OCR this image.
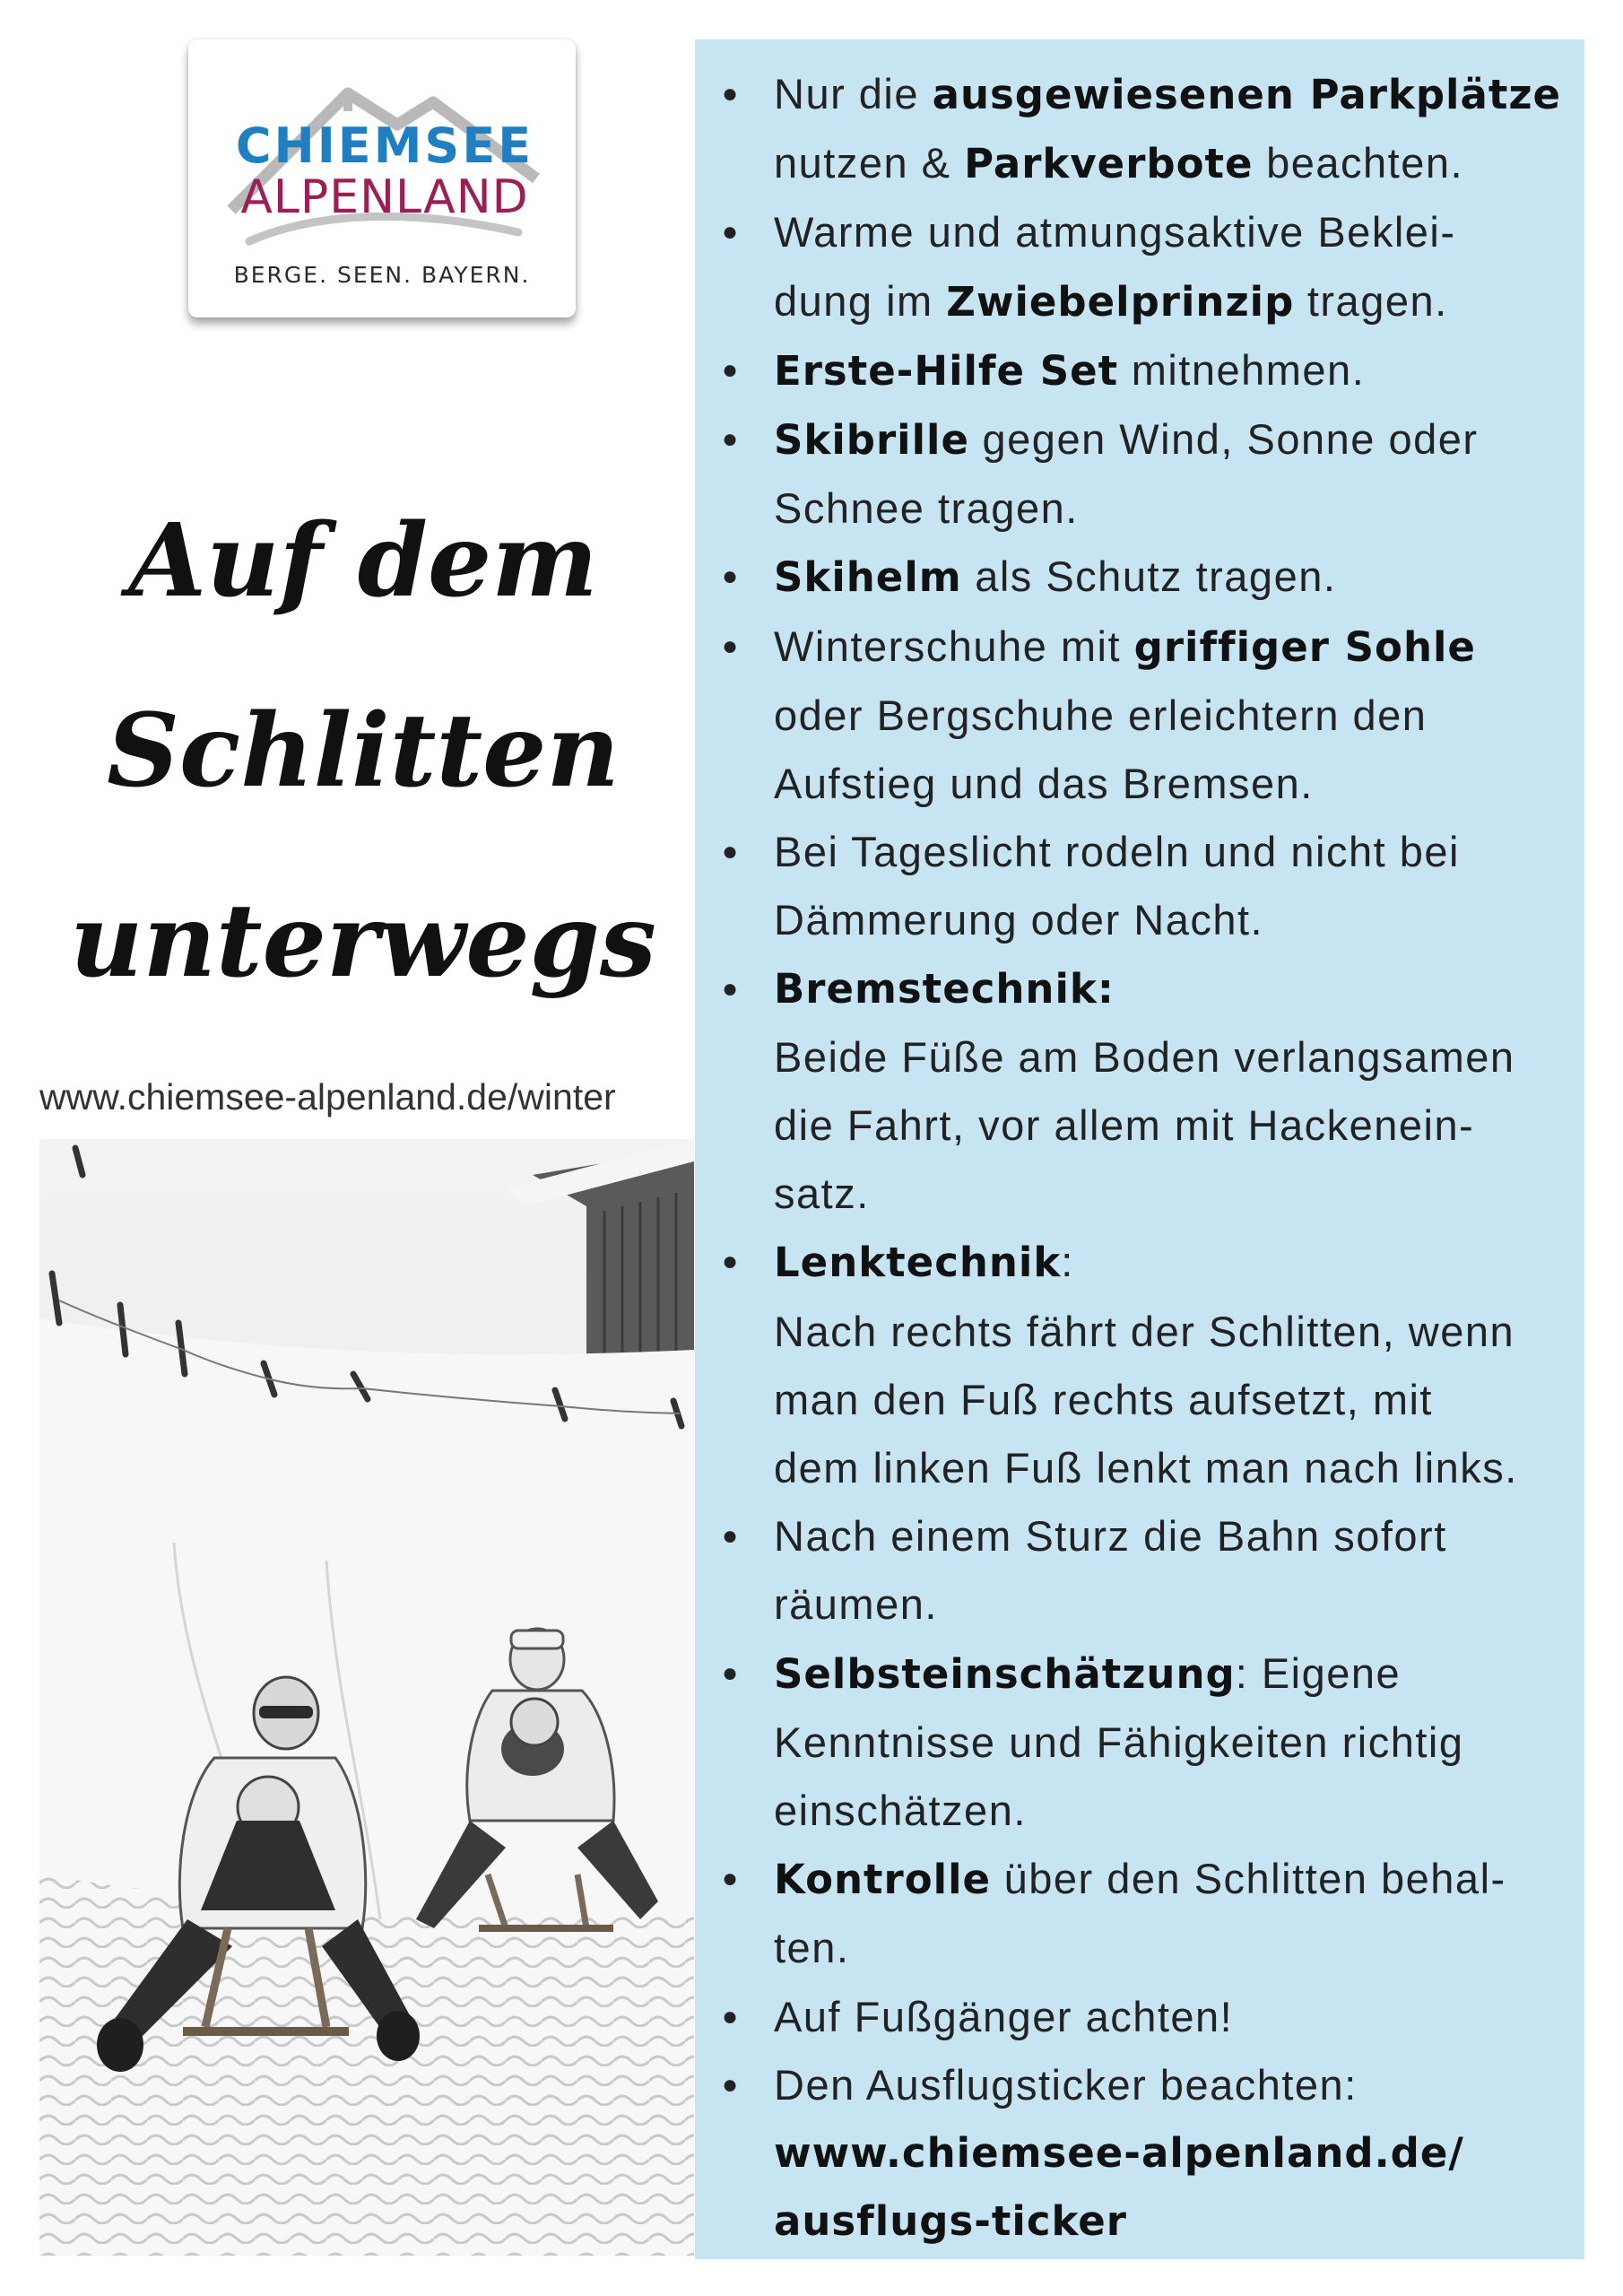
CHIEMSEE
ALPENLAND
BERGE. SEEN. BAYERN.
Auf dem
Schlitten
unterwegs
www.chiemsee-alpenland.de/winter
● Nur die ausgewiesenen Parkplätze
nutzen & Parkverbote beachten.
● Warme und atmungsaktive Beklei-
dung im Zwiebelprinzip tragen.
● Erste-Hilfe Set mitnehmen.
● Skibrille gegen Wind, Sonne oder
Schnee tragen.
● Skihelm als Schutz tragen.
● Winterschuhe mit griffiger Sohle
oder Bergschuhe erleichtern den
Aufstieg und das Bremsen.
● Bei Tageslicht rodeln und nicht bei
Dämmerung oder Nacht.
● Bremstechnik:
Beide Füße am Boden verlangsamen
die Fahrt, vor allem mit Hackenein-
satz.
● Lenktechnik:
Nach rechts fährt der Schlitten, wenn
man den Fuß rechts aufsetzt, mit
dem linken Fuß lenkt man nach links.
● Nach einem Sturz die Bahn sofort
räumen.
● Selbsteinschätzung: Eigene
Kenntnisse und Fähigkeiten richtig
einschätzen.
● Kontrolle über den Schlitten behal-
ten.
● Auf Fußgänger achten!
● Den Ausflugsticker beachten:
www.chiemsee-alpenland.de/
ausflugs-ticker
